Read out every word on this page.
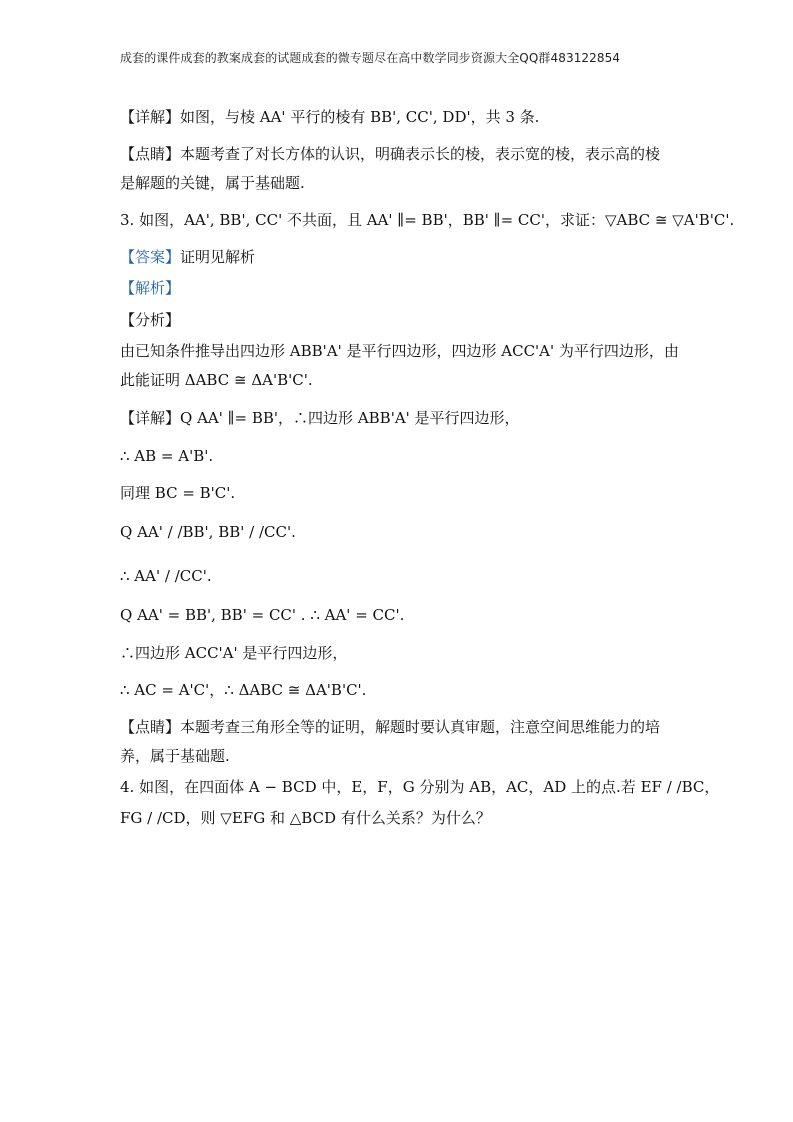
成套的课件成套的教案成套的试题成套的微专题尽在高中数学同步资源大全QQ群483122854
【详解】如图，与棱 AA' 平行的棱有 BB', CC', DD'，共 3 条.
【点睛】本题考查了对长方体的认识，明确表示长的棱，表示宽的棱，表示高的棱
是解题的关键，属于基础题.
3. 如图，AA', BB', CC' 不共面，且 AA' ∥= BB'，BB' ∥= CC'，求证：▽ABC ≅ ▽A'B'C'.
【答案】证明见解析
【解析】
【分析】
由已知条件推导出四边形 ABB'A' 是平行四边形，四边形 ACC'A' 为平行四边形，由
此能证明 ΔABC ≅ ΔA'B'C'.
【详解】Q AA' ∥= BB'，∴四边形 ABB'A' 是平行四边形，
∴ AB = A'B'.
同理 BC = B'C'.
Q AA' / /BB', BB' / /CC'.
∴ AA' / /CC'.
Q AA' = BB', BB' = CC' . ∴ AA' = CC'.
∴四边形 ACC'A' 是平行四边形，
∴ AC = A'C'，∴ ΔABC ≅ ΔA'B'C'.
【点睛】本题考查三角形全等的证明，解题时要认真审题，注意空间思维能力的培
养，属于基础题.
4. 如图，在四面体 A − BCD 中，E，F，G 分别为 AB，AC，AD 上的点.若 EF / /BC，
FG / /CD，则 ▽EFG 和 △BCD 有什么关系？为什么？
